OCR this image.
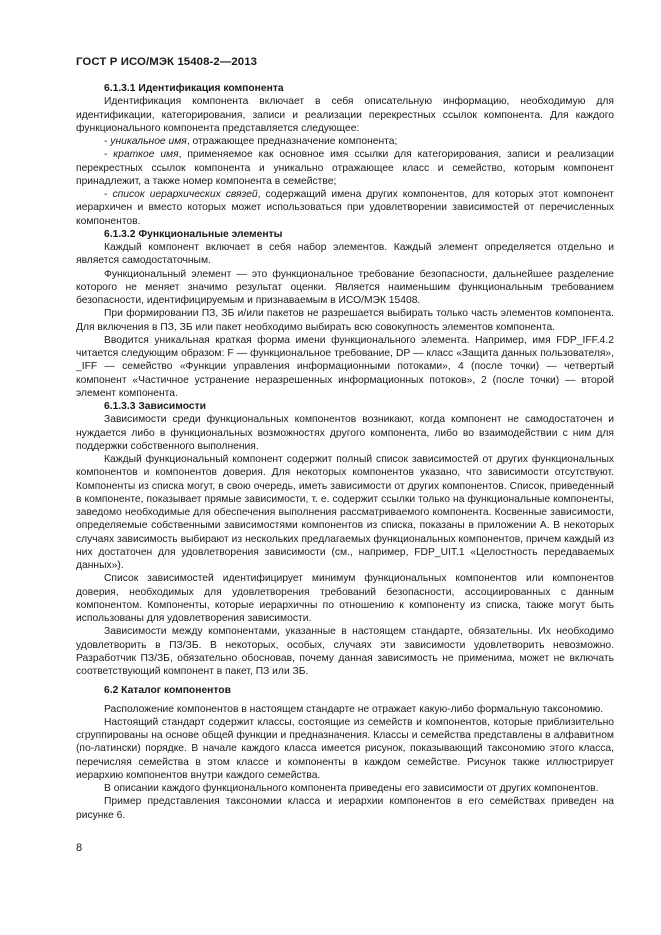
ГОСТ Р ИСО/МЭК 15408-2—2013

6.1.3.1 Идентификация компонента

Идентификация компонента включает в себя описательную информацию, необходимую для идентификации, категорирования, записи и реализации перекрестных ссылок компонента. Для каждого функционального компонента представляется следующее:

- уникальное имя, отражающее предназначение компонента;

- краткое имя, применяемое как основное имя ссылки для категорирования, записи и реализации перекрестных ссылок компонента и уникально отражающее класс и семейство, которым компонент принадлежит, а также номер компонента в семействе;

- список иерархических связей, содержащий имена других компонентов, для которых этот компонент иерархичен и вместо которых может использоваться при удовлетворении зависимостей от перечисленных компонентов.

6.1.3.2 Функциональные элементы

Каждый компонент включает в себя набор элементов. Каждый элемент определяется отдельно и является самодостаточным.

Функциональный элемент — это функциональное требование безопасности, дальнейшее разделение которого не меняет значимо результат оценки. Является наименьшим функциональным требованием безопасности, идентифицируемым и признаваемым в ИСО/МЭК 15408.

При формировании ПЗ, ЗБ и/или пакетов не разрешается выбирать только часть элементов компонента. Для включения в ПЗ, ЗБ или пакет необходимо выбирать всю совокупность элементов компонента.

Вводится уникальная краткая форма имени функционального элемента. Например, имя FDP_IFF.4.2 читается следующим образом: F — функциональное требование, DP — класс «Защита данных пользователя», _IFF — семейство «Функции управления информационными потоками», 4 (после точки) — четвертый компонент «Частичное устранение неразрешенных информационных потоков», 2 (после точки) — второй элемент компонента.

6.1.3.3 Зависимости

Зависимости среди функциональных компонентов возникают, когда компонент не самодостаточен и нуждается либо в функциональных возможностях другого компонента, либо во взаимодействии с ним для поддержки собственного выполнения.

Каждый функциональный компонент содержит полный список зависимостей от других функциональных компонентов и компонентов доверия. Для некоторых компонентов указано, что зависимости отсутствуют. Компоненты из списка могут, в свою очередь, иметь зависимости от других компонентов. Список, приведенный в компоненте, показывает прямые зависимости, т. е. содержит ссылки только на функциональные компоненты, заведомо необходимые для обеспечения выполнения рассматриваемого компонента. Косвенные зависимости, определяемые собственными зависимостями компонентов из списка, показаны в приложении А. В некоторых случаях зависимость выбирают из нескольких предлагаемых функциональных компонентов, причем каждый из них достаточен для удовлетворения зависимости (см., например, FDP_UIT.1 «Целостность передаваемых данных»).

Список зависимостей идентифицирует минимум функциональных компонентов или компонентов доверия, необходимых для удовлетворения требований безопасности, ассоциированных с данным компонентом. Компоненты, которые иерархичны по отношению к компоненту из списка, также могут быть использованы для удовлетворения зависимости.

Зависимости между компонентами, указанные в настоящем стандарте, обязательны. Их необходимо удовлетворить в ПЗ/ЗБ. В некоторых, особых, случаях эти зависимости удовлетворить невозможно. Разработчик ПЗ/ЗБ, обязательно обосновав, почему данная зависимость не применима, может не включать соответствующий компонент в пакет, ПЗ или ЗБ.

6.2 Каталог компонентов

Расположение компонентов в настоящем стандарте не отражает какую-либо формальную таксономию.

Настоящий стандарт содержит классы, состоящие из семейств и компонентов, которые приблизительно сгруппированы на основе общей функции и предназначения. Классы и семейства представлены в алфавитном (по-латински) порядке. В начале каждого класса имеется рисунок, показывающий таксономию этого класса, перечисляя семейства в этом классе и компоненты в каждом семействе. Рисунок также иллюстрирует иерархию компонентов внутри каждого семейства.

В описании каждого функционального компонента приведены его зависимости от других компонентов.

Пример представления таксономии класса и иерархии компонентов в его семействах приведен на рисунке 6.

8
